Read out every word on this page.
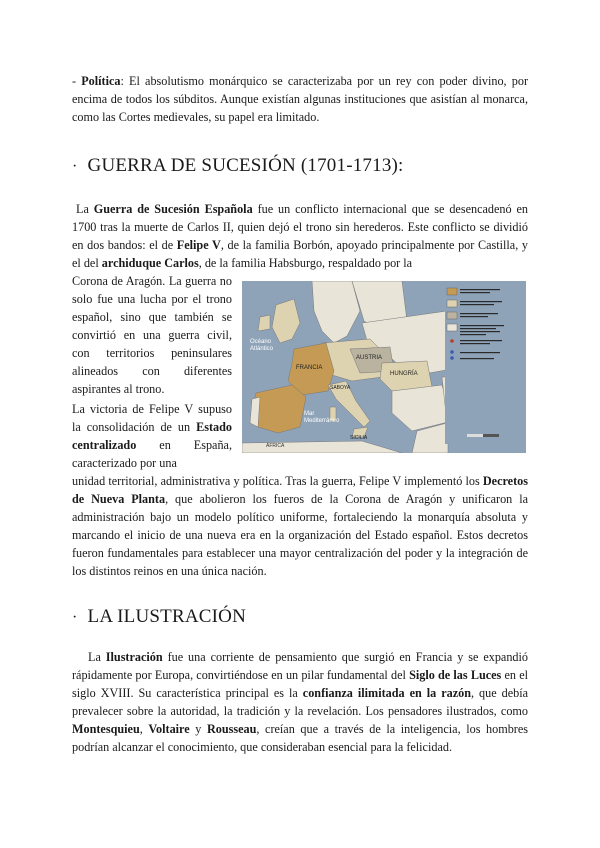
- Política: El absolutismo monárquico se caracterizaba por un rey con poder divino, por encima de todos los súbditos. Aunque existían algunas instituciones que asistían al monarca, como las Cortes medievales, su papel era limitado.
· GUERRA DE SUCESIÓN (1701-1713):
La Guerra de Sucesión Española fue un conflicto internacional que se desencadenó en 1700 tras la muerte de Carlos II, quien dejó el trono sin herederos. Este conflicto se dividió en dos bandos: el de Felipe V, de la familia Borbón, apoyado principalmente por Castilla, y el del archiduque Carlos, de la familia Habsburgo, respaldado por la
Corona de Aragón. La guerra no solo fue una lucha por el trono español, sino que también se convirtió en una guerra civil, con territorios peninsulares alineados con diferentes aspirantes al trono.
La victoria de Felipe V supuso la consolidación de un Estado centralizado en España, caracterizado por una
unidad territorial, administrativa y política. Tras la guerra, Felipe V implementó los Decretos de Nueva Planta, que abolieron los fueros de la Corona de Aragón y unificaron la administración bajo un modelo político uniforme, fortaleciendo la monarquía absoluta y marcando el inicio de una nueva era en la organización del Estado español. Estos decretos fueron fundamentales para establecer una mayor centralización del poder y la integración de los distintos reinos en una única nación.
Océano Atlántico
FRANCIA
AUSTRIA
HUNGRÍA
SABOYA
Mar Mediterráneo
SICILIA
ÁFRICA
· LA ILUSTRACIÓN
La Ilustración fue una corriente de pensamiento que surgió en Francia y se expandió rápidamente por Europa, convirtiéndose en un pilar fundamental del Siglo de las Luces en el siglo XVIII. Su característica principal es la confianza ilimitada en la razón, que debía prevalecer sobre la autoridad, la tradición y la revelación. Los pensadores ilustrados, como Montesquieu, Voltaire y Rousseau, creían que a través de la inteligencia, los hombres podrían alcanzar el conocimiento, que consideraban esencial para la felicidad.
